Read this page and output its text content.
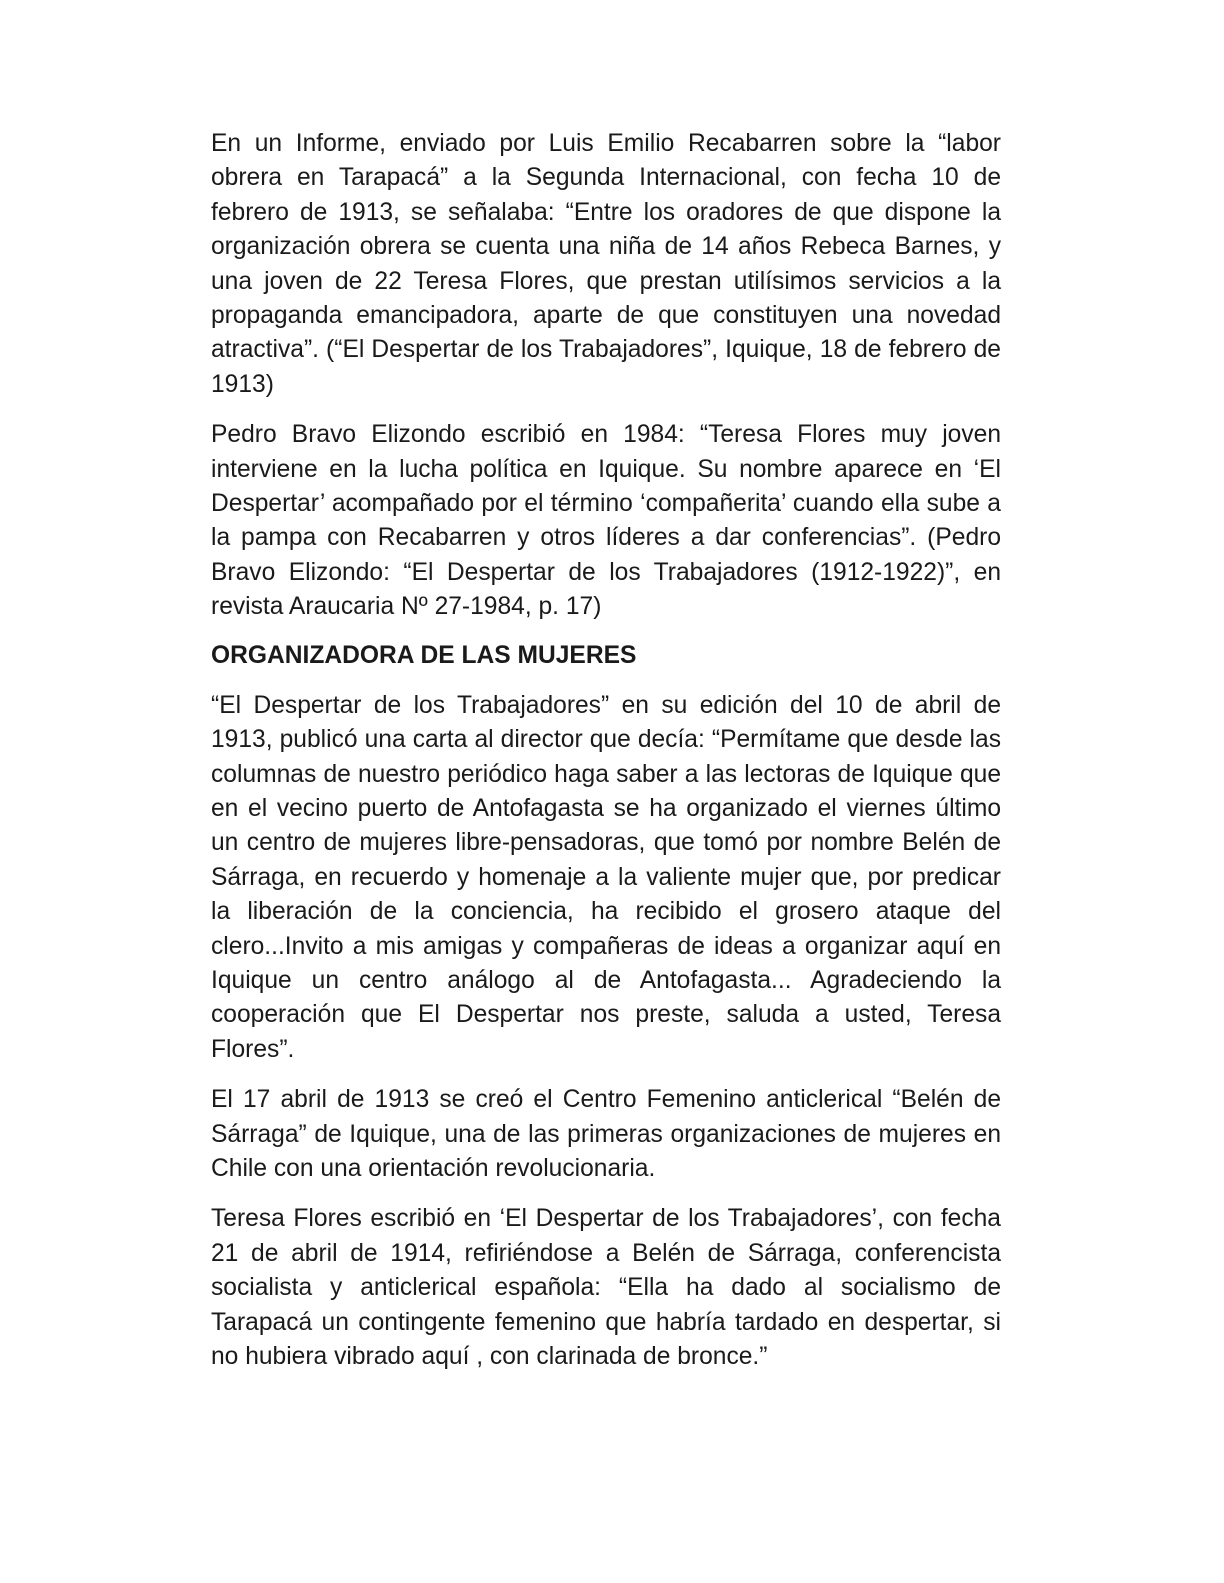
En un Informe, enviado por Luis Emilio Recabarren sobre la “labor obrera en Tarapacá” a la Segunda Internacional, con fecha 10 de febrero de 1913, se señalaba: “Entre los oradores de que dispone la organización obrera se cuenta una niña de 14 años Rebeca Barnes, y una joven de 22 Teresa Flores, que prestan utilísimos servicios a la propaganda emancipadora, aparte de que constituyen una novedad atractiva”. (“El Despertar de los Trabajadores”, Iquique, 18 de febrero de 1913)

Pedro Bravo Elizondo escribió en 1984: “Teresa Flores muy joven interviene en la lucha política en Iquique. Su nombre aparece en ‘El Despertar’ acompañado por el término ‘compañerita’ cuando ella sube a la pampa con Recabarren y otros líderes a dar conferencias”. (Pedro Bravo Elizondo: “El Despertar de los Trabajadores (1912-1922)”, en revista Araucaria Nº 27-1984, p. 17)

ORGANIZADORA DE LAS MUJERES

“El Despertar de los Trabajadores” en su edición del 10 de abril de 1913, publicó una carta al director que decía: “Permítame que desde las columnas de nuestro periódico haga saber a las lectoras de Iquique que en el vecino puerto de Antofagasta se ha organizado el viernes último un centro de mujeres libre-pensadoras, que tomó por nombre Belén de Sárraga, en recuerdo y homenaje a la valiente mujer que, por predicar la liberación de la conciencia, ha recibido el grosero ataque del clero...Invito a mis amigas y compañeras de ideas a organizar aquí en Iquique un centro análogo al de Antofagasta... Agradeciendo la cooperación que El Despertar nos preste, saluda a usted, Teresa Flores”.

El 17 abril de 1913 se creó el Centro Femenino anticlerical “Belén de Sárraga” de Iquique, una de las primeras organizaciones de mujeres en Chile con una orientación revolucionaria.

Teresa Flores escribió en ‘El Despertar de los Trabajadores’, con fecha 21 de abril de 1914, refiriéndose a Belén de Sárraga, conferencista socialista y anticlerical española: “Ella ha dado al socialismo de Tarapacá un contingente femenino que habría tardado en despertar, si no hubiera vibrado aquí , con clarinada de bronce.”
